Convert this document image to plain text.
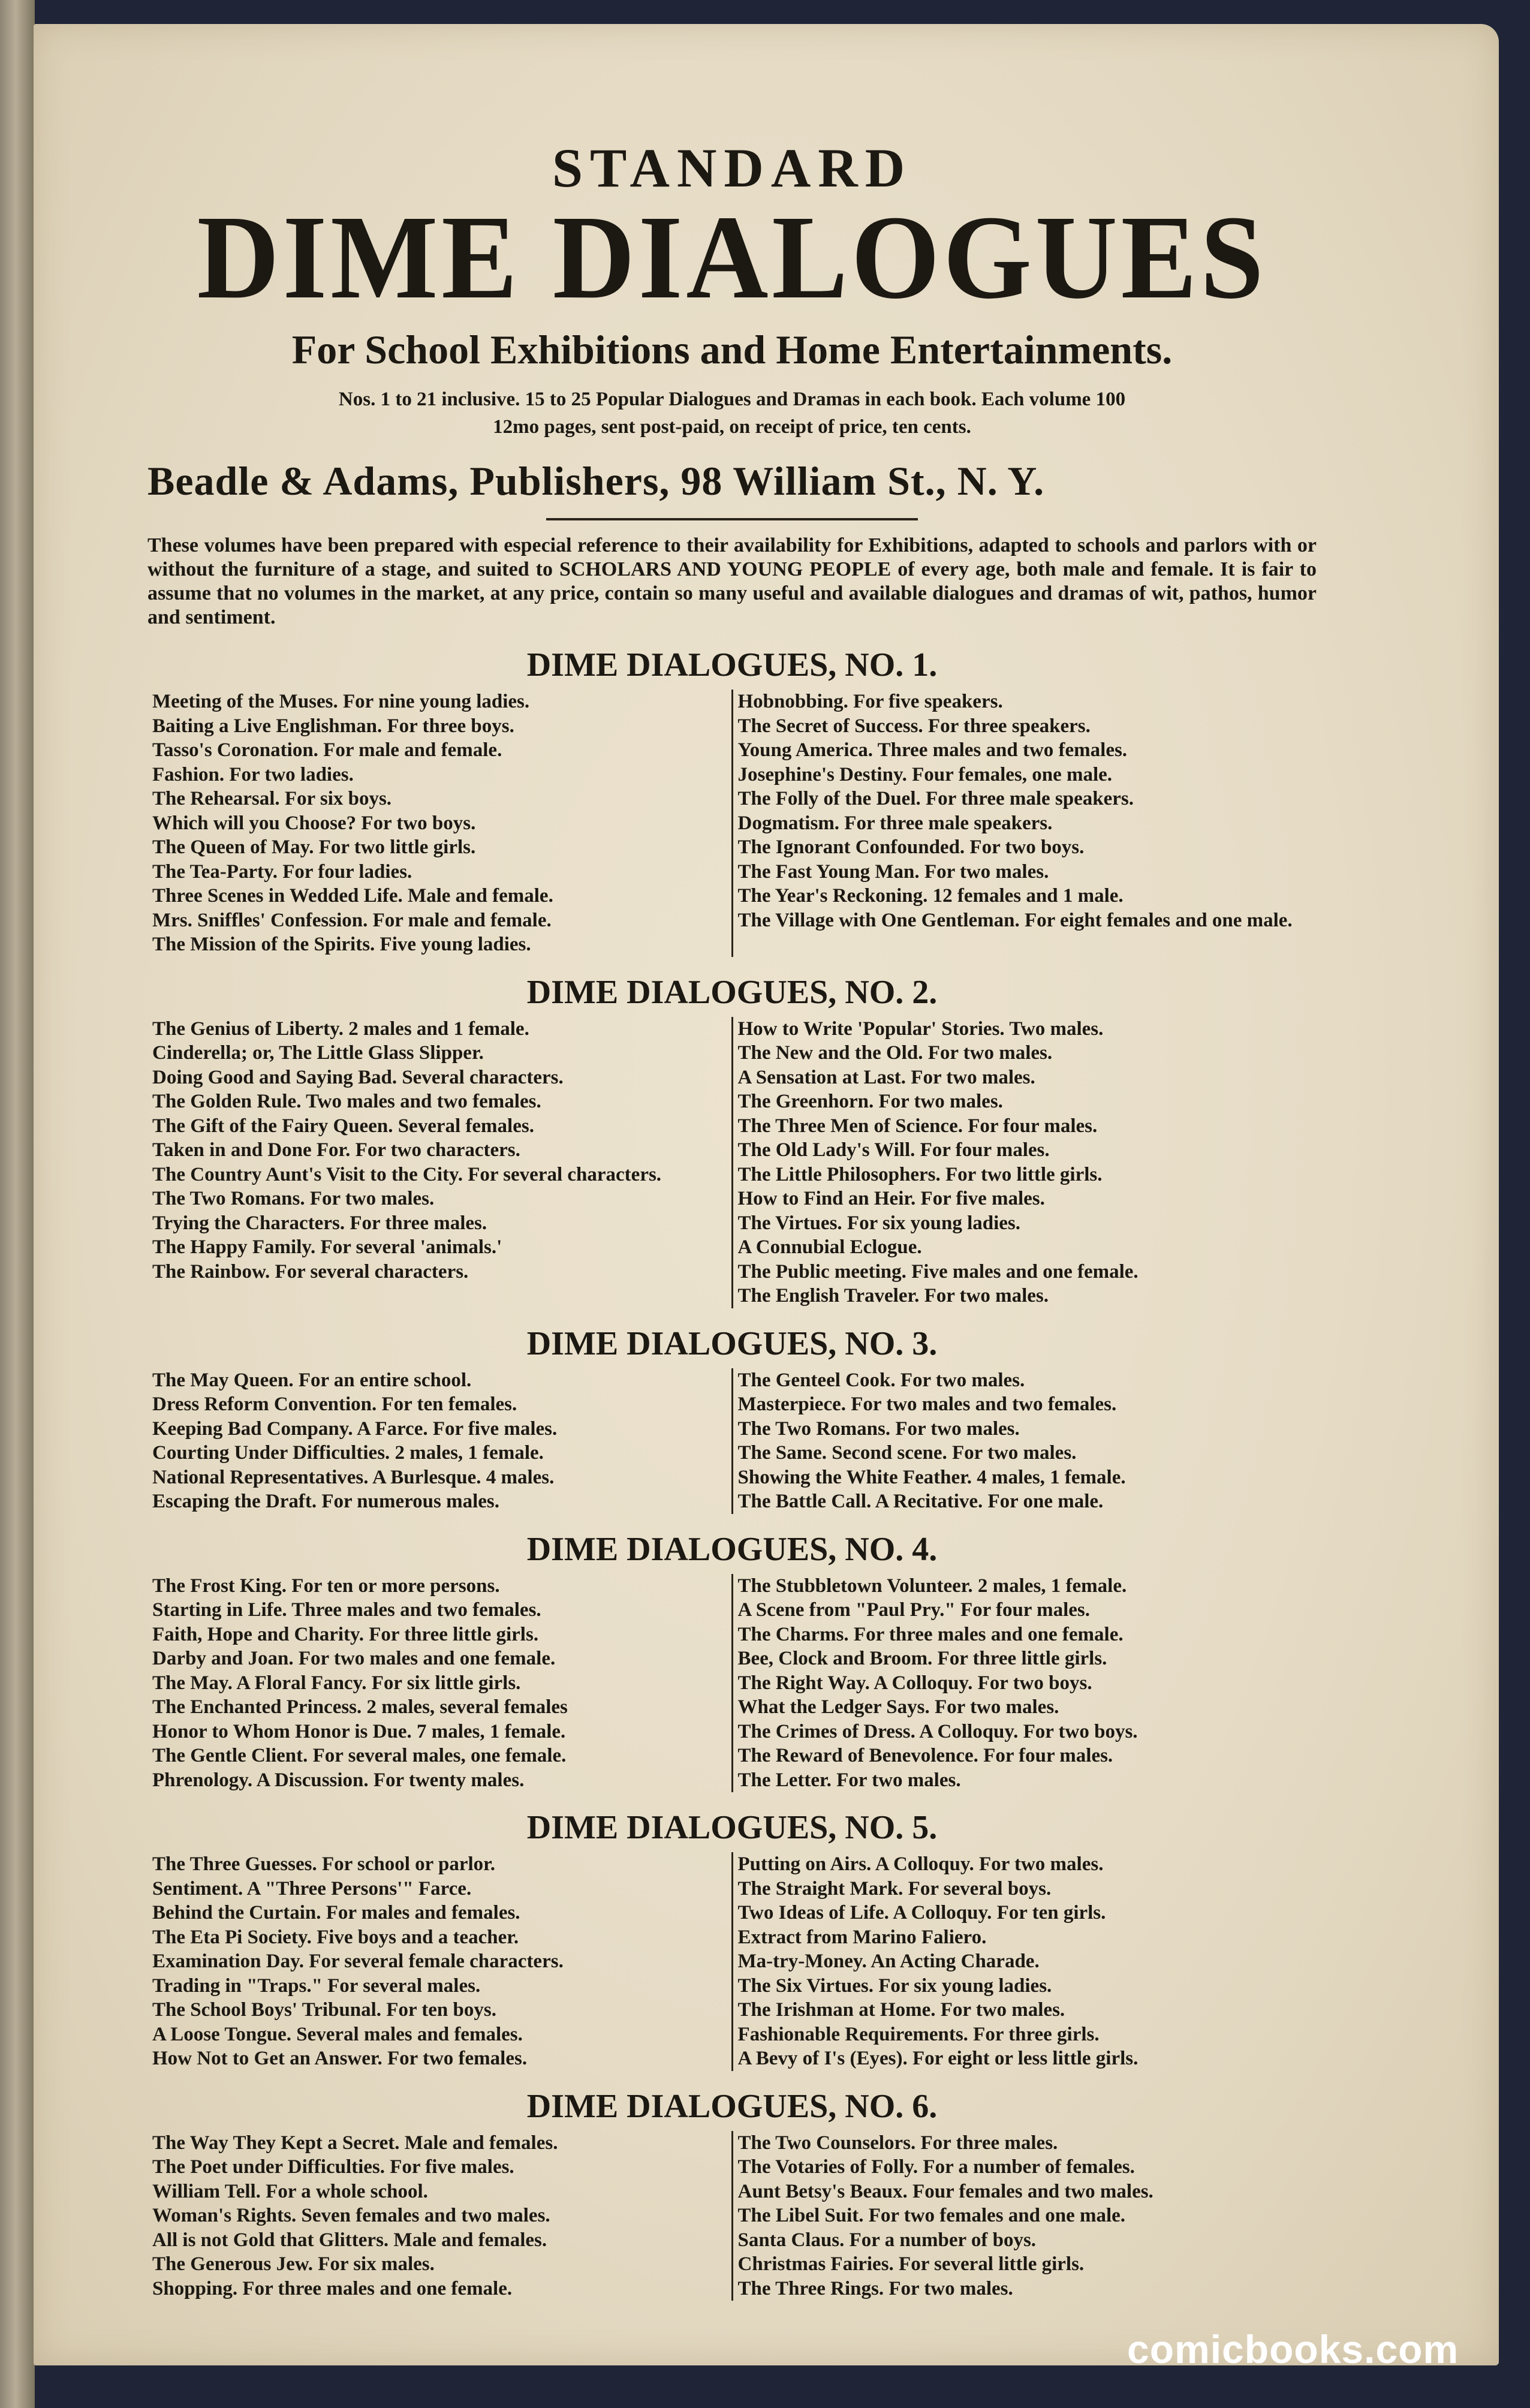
STANDARD

DIME DIALOGUES

For School Exhibitions and Home Entertainments.

Nos. 1 to 21 inclusive. 15 to 25 Popular Dialogues and Dramas in each book. Each volume 100
12mo pages, sent post-paid, on receipt of price, ten cents.

Beadle & Adams, Publishers, 98 William St., N. Y.

These volumes have been prepared with especial reference to their availability for Exhibitions, adapted to schools and parlors with or without the furniture of a stage, and suited to SCHOLARS AND YOUNG PEOPLE of every age, both male and female. It is fair to assume that no volumes in the market, at any price, contain so many useful and available dialogues and dramas of wit, pathos, humor and sentiment.

DIME DIALOGUES, NO. 1.
Meeting of the Muses. For nine young ladies.
Baiting a Live Englishman. For three boys.
Tasso's Coronation. For male and female.
Fashion. For two ladies.
The Rehearsal. For six boys.
Which will you Choose? For two boys.
The Queen of May. For two little girls.
The Tea-Party. For four ladies.
Three Scenes in Wedded Life. Male and female.
Mrs. Sniffles' Confession. For male and female.
The Mission of the Spirits. Five young ladies.
Hobnobbing. For five speakers.
The Secret of Success. For three speakers.
Young America. Three males and two females.
Josephine's Destiny. Four females, one male.
The Folly of the Duel. For three male speakers.
Dogmatism. For three male speakers.
The Ignorant Confounded. For two boys.
The Fast Young Man. For two males.
The Year's Reckoning. 12 females and 1 male.
The Village with One Gentleman. For eight females and one male.
DIME DIALOGUES, NO. 2.
The Genius of Liberty. 2 males and 1 female.
Cinderella; or, The Little Glass Slipper.
Doing Good and Saying Bad. Several characters.
The Golden Rule. Two males and two females.
The Gift of the Fairy Queen. Several females.
Taken in and Done For. For two characters.
The Country Aunt's Visit to the City. For several characters.
The Two Romans. For two males.
Trying the Characters. For three males.
The Happy Family. For several 'animals.'
The Rainbow. For several characters.
How to Write 'Popular' Stories. Two males.
The New and the Old. For two males.
A Sensation at Last. For two males.
The Greenhorn. For two males.
The Three Men of Science. For four males.
The Old Lady's Will. For four males.
The Little Philosophers. For two little girls.
How to Find an Heir. For five males.
The Virtues. For six young ladies.
A Connubial Eclogue.
The Public meeting. Five males and one female.
The English Traveler. For two males.
DIME DIALOGUES, NO. 3.
The May Queen. For an entire school.
Dress Reform Convention. For ten females.
Keeping Bad Company. A Farce. For five males.
Courting Under Difficulties. 2 males, 1 female.
National Representatives. A Burlesque. 4 males.
Escaping the Draft. For numerous males.
The Genteel Cook. For two males.
Masterpiece. For two males and two females.
The Two Romans. For two males.
The Same. Second scene. For two males.
Showing the White Feather. 4 males, 1 female.
The Battle Call. A Recitative. For one male.
DIME DIALOGUES, NO. 4.
The Frost King. For ten or more persons.
Starting in Life. Three males and two females.
Faith, Hope and Charity. For three little girls.
Darby and Joan. For two males and one female.
The May. A Floral Fancy. For six little girls.
The Enchanted Princess. 2 males, several females
Honor to Whom Honor is Due. 7 males, 1 female.
The Gentle Client. For several males, one female.
Phrenology. A Discussion. For twenty males.
The Stubbletown Volunteer. 2 males, 1 female.
A Scene from "Paul Pry." For four males.
The Charms. For three males and one female.
Bee, Clock and Broom. For three little girls.
The Right Way. A Colloquy. For two boys.
What the Ledger Says. For two males.
The Crimes of Dress. A Colloquy. For two boys.
The Reward of Benevolence. For four males.
The Letter. For two males.
DIME DIALOGUES, NO. 5.
The Three Guesses. For school or parlor.
Sentiment. A "Three Persons'" Farce.
Behind the Curtain. For males and females.
The Eta Pi Society. Five boys and a teacher.
Examination Day. For several female characters.
Trading in "Traps." For several males.
The School Boys' Tribunal. For ten boys.
A Loose Tongue. Several males and females.
How Not to Get an Answer. For two females.
Putting on Airs. A Colloquy. For two males.
The Straight Mark. For several boys.
Two Ideas of Life. A Colloquy. For ten girls.
Extract from Marino Faliero.
Ma-try-Money. An Acting Charade.
The Six Virtues. For six young ladies.
The Irishman at Home. For two males.
Fashionable Requirements. For three girls.
A Bevy of I's (Eyes). For eight or less little girls.
DIME DIALOGUES, NO. 6.
The Way They Kept a Secret. Male and females.
The Poet under Difficulties. For five males.
William Tell. For a whole school.
Woman's Rights. Seven females and two males.
All is not Gold that Glitters. Male and females.
The Generous Jew. For six males.
Shopping. For three males and one female.
The Two Counselors. For three males.
The Votaries of Folly. For a number of females.
Aunt Betsy's Beaux. Four females and two males.
The Libel Suit. For two females and one male.
Santa Claus. For a number of boys.
Christmas Fairies. For several little girls.
The Three Rings. For two males.
comicbooks.com
